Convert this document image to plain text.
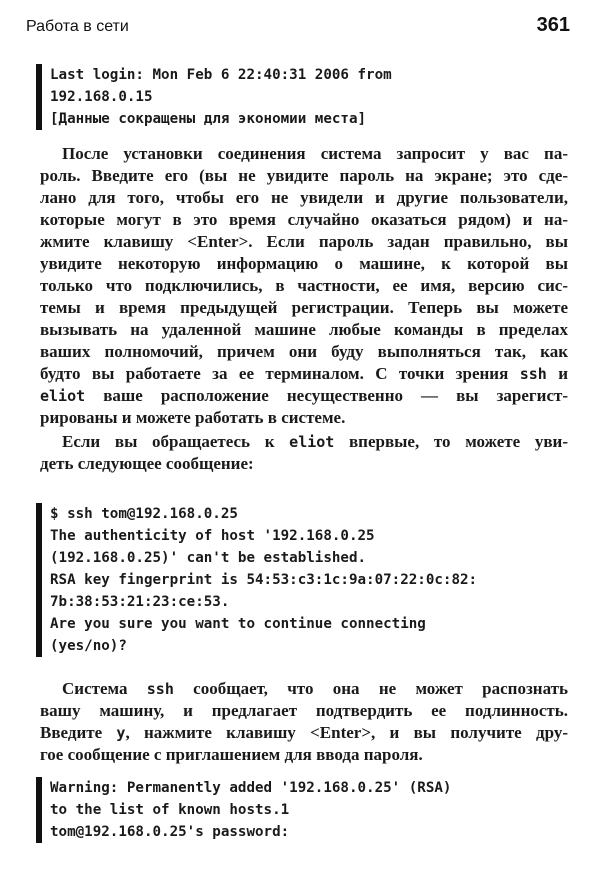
Работа в сети	361
Last login: Mon Feb 6 22:40:31 2006 from
192.168.0.15
[Данные сокращены для экономии места]
После установки соединения система запросит у вас па-
роль. Введите его (вы не увидите пароль на экране; это сде-
лано для того, чтобы его не увидели и другие пользователи,
которые могут в это время случайно оказаться рядом) и на-
жмите клавишу <Enter>. Если пароль задан правильно, вы
увидите некоторую информацию о машине, к которой вы
только что подключились, в частности, ее имя, версию сис-
темы и время предыдущей регистрации. Теперь вы можете
вызывать на удаленной машине любые команды в пределах
ваших полномочий, причем они буду выполняться так, как
будто вы работаете за ее терминалом. С точки зрения ssh и
eliot ваше расположение несущественно — вы зарегист-
рированы и можете работать в системе.
Если вы обращаетесь к eliot впервые, то можете уви-
деть следующее сообщение:
$ ssh tom@192.168.0.25
The authenticity of host '192.168.0.25
(192.168.0.25)' can't be established.
RSA key fingerprint is 54:53:c3:1c:9a:07:22:0c:82:
7b:38:53:21:23:ce:53.
Are you sure you want to continue connecting
(yes/no)?
Система ssh сообщает, что она не может распознать
вашу машину, и предлагает подтвердить ее подлинность.
Введите y, нажмите клавишу <Enter>, и вы получите дру-
гое сообщение с приглашением для ввода пароля.
Warning: Permanently added '192.168.0.25' (RSA)
to the list of known hosts.1
tom@192.168.0.25's password:
